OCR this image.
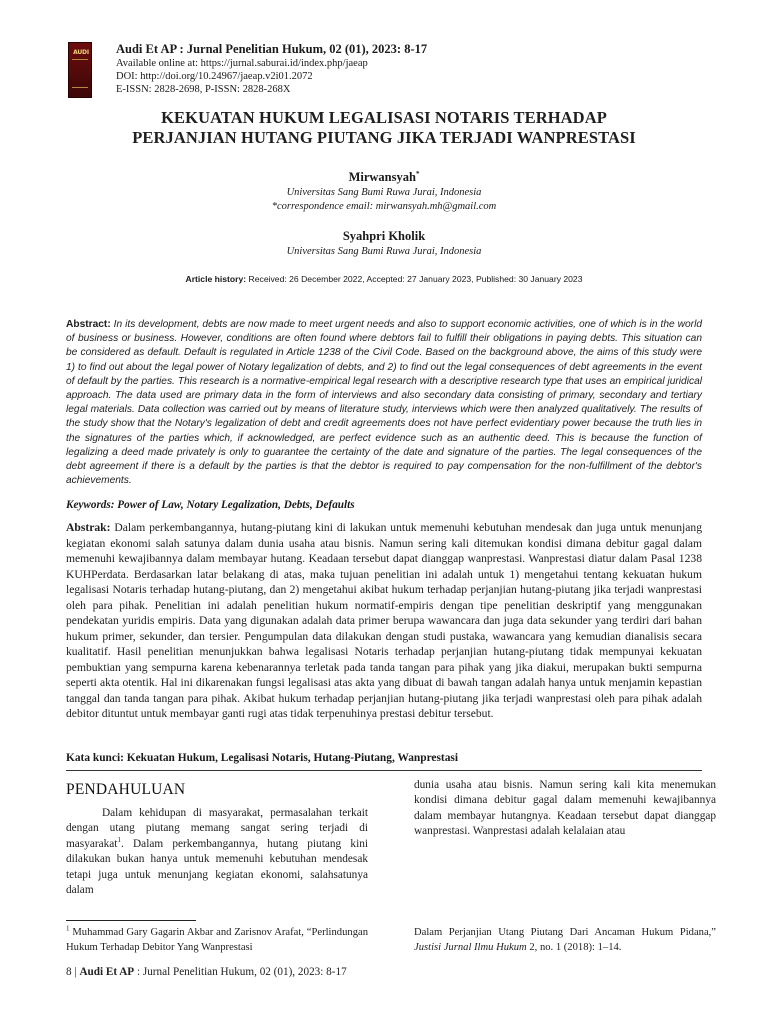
AUDI Audi Et AP : Jurnal Penelitian Hukum, 02 (01), 2023: 8-17
Available online at: https://jurnal.saburai.id/index.php/jaeap
DOI: http://doi.org/10.24967/jaeap.v2i01.2072
E-ISSN: 2828-2698, P-ISSN: 2828-268X
KEKUATAN HUKUM LEGALISASI NOTARIS TERHADAP
PERJANJIAN HUTANG PIUTANG JIKA TERJADI WANPRESTASI
Mirwansyah*
Universitas Sang Bumi Ruwa Jurai, Indonesia
*correspondence email: mirwansyah.mh@gmail.com
Syahpri Kholik
Universitas Sang Bumi Ruwa Jurai, Indonesia
Article history: Received: 26 December 2022, Accepted: 27 January 2023, Published: 30 January 2023
Abstract: In its development, debts are now made to meet urgent needs and also to support economic activities, one of which is in the world of business or business. However, conditions are often found where debtors fail to fulfill their obligations in paying debts. This situation can be considered as default. Default is regulated in Article 1238 of the Civil Code. Based on the background above, the aims of this study were 1) to find out about the legal power of Notary legalization of debts, and 2) to find out the legal consequences of debt agreements in the event of default by the parties. This research is a normative-empirical legal research with a descriptive research type that uses an empirical juridical approach. The data used are primary data in the form of interviews and also secondary data consisting of primary, secondary and tertiary legal materials. Data collection was carried out by means of literature study, interviews which were then analyzed qualitatively. The results of the study show that the Notary's legalization of debt and credit agreements does not have perfect evidentiary power because the truth lies in the signatures of the parties which, if acknowledged, are perfect evidence such as an authentic deed. This is because the function of legalizing a deed made privately is only to guarantee the certainty of the date and signature of the parties. The legal consequences of the debt agreement if there is a default by the parties is that the debtor is required to pay compensation for the non-fulfillment of the debtor's achievements.
Keywords: Power of Law, Notary Legalization, Debts, Defaults
Abstrak: Dalam perkembangannya, hutang-piutang kini di lakukan untuk memenuhi kebutuhan mendesak dan juga untuk menunjang kegiatan ekonomi salah satunya dalam dunia usaha atau bisnis. Namun sering kali ditemukan kondisi dimana debitur gagal dalam memenuhi kewajibannya dalam membayar hutang. Keadaan tersebut dapat dianggap wanprestasi. Wanprestasi diatur dalam Pasal 1238 KUHPerdata. Berdasarkan latar belakang di atas, maka tujuan penelitian ini adalah untuk 1) mengetahui tentang kekuatan hukum legalisasi Notaris terhadap hutang-piutang, dan 2) mengetahui akibat hukum terhadap perjanjian hutang-piutang jika terjadi wanprestasi oleh para pihak. Penelitian ini adalah penelitian hukum normatif-empiris dengan tipe penelitian deskriptif yang menggunakan pendekatan yuridis empiris. Data yang digunakan adalah data primer berupa wawancara dan juga data sekunder yang terdiri dari bahan hukum primer, sekunder, dan tersier. Pengumpulan data dilakukan dengan studi pustaka, wawancara yang kemudian dianalisis secara kualitatif. Hasil penelitian menunjukkan bahwa legalisasi Notaris terhadap perjanjian hutang-piutang tidak mempunyai kekuatan pembuktian yang sempurna karena kebenarannya terletak pada tanda tangan para pihak yang jika diakui, merupakan bukti sempurna seperti akta otentik. Hal ini dikarenakan fungsi legalisasi atas akta yang dibuat di bawah tangan adalah hanya untuk menjamin kepastian tanggal dan tanda tangan para pihak. Akibat hukum terhadap perjanjian hutang-piutang jika terjadi wanprestasi oleh para pihak adalah debitor dituntut untuk membayar ganti rugi atas tidak terpenuhinya prestasi debitur tersebut.
Kata kunci: Kekuatan Hukum, Legalisasi Notaris, Hutang-Piutang, Wanprestasi
PENDAHULUAN
Dalam kehidupan di masyarakat, permasalahan terkait dengan utang piutang memang sangat sering terjadi di masyarakat$^1$. Dalam perkembangannya, hutang piutang kini dilakukan bukan hanya untuk memenuhi kebutuhan mendesak tetapi juga untuk menunjang kegiatan ekonomi, salahsatunya dalam
dunia usaha atau bisnis. Namun sering kali kita menemukan kondisi dimana debitur gagal dalam memenuhi kewajibannya dalam membayar hutangnya. Keadaan tersebut dapat dianggap wanprestasi. Wanprestasi adalah kelalaian atau
$^1$ Muhammad Gary Gagarin Akbar and Zarisnov Arafat, “Perlindungan Hukum Terhadap Debitor Yang Wanprestasi
Dalam Perjanjian Utang Piutang Dari Ancaman Hukum Pidana,” Justisi Jurnal Ilmu Hukum 2, no. 1 (2018): 1–14.
8 | Audi Et AP : Jurnal Penelitian Hukum, 02 (01), 2023: 8-17
